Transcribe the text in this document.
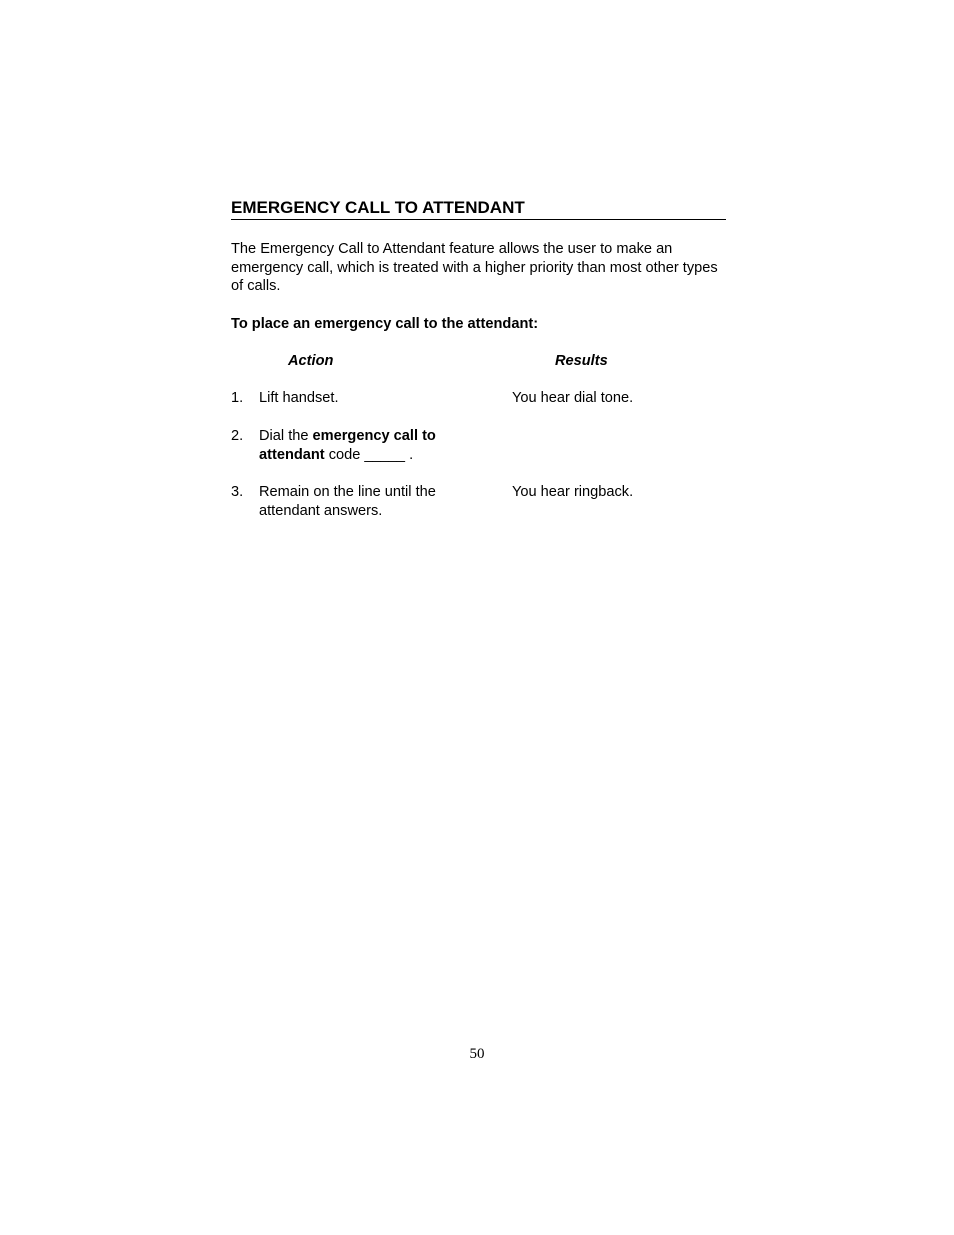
EMERGENCY CALL TO ATTENDANT
The Emergency Call to Attendant feature allows the user to make an emergency call, which is treated with a higher priority than most other types of calls.
To place an emergency call to the attendant:
Action	Results
1. Lift handset.	You hear dial tone.
2. Dial the emergency call to attendant code _____ .
3. Remain on the line until the attendant answers.
You hear ringback.
50
